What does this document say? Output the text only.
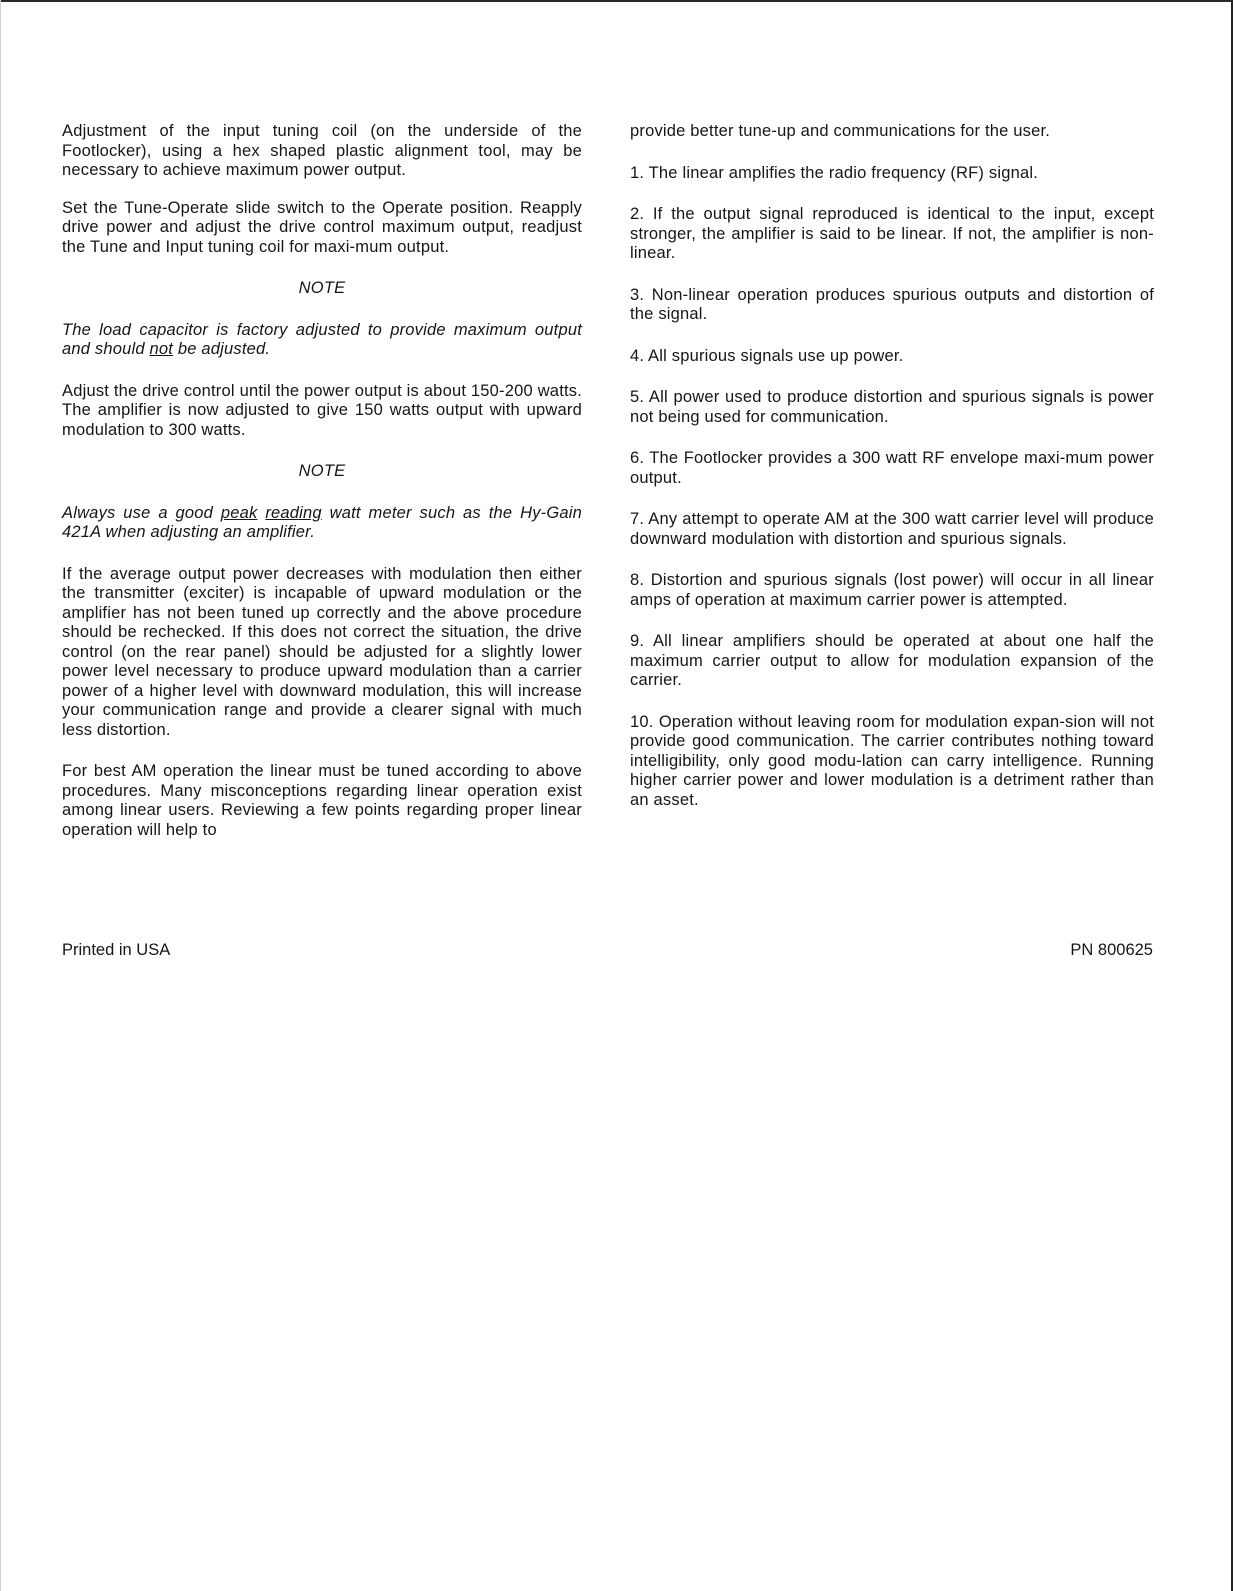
Adjustment of the input tuning coil (on the underside of the Footlocker), using a hex shaped plastic alignment tool, may be necessary to achieve maximum power output.

Set the Tune-Operate slide switch to the Operate position. Reapply drive power and adjust the drive control maximum output, readjust the Tune and Input tuning coil for maxi-mum output.

NOTE

The load capacitor is factory adjusted to provide maximum output and should not be adjusted.

Adjust the drive control until the power output is about 150-200 watts. The amplifier is now adjusted to give 150 watts output with upward modulation to 300 watts.

NOTE

Always use a good peak reading watt meter such as the Hy-Gain 421A when adjusting an amplifier.

If the average output power decreases with modulation then either the transmitter (exciter) is incapable of upward modulation or the amplifier has not been tuned up correctly and the above procedure should be rechecked. If this does not correct the situation, the drive control (on the rear panel) should be adjusted for a slightly lower power level necessary to produce upward modulation than a carrier power of a higher level with downward modulation, this will increase your communication range and provide a clearer signal with much less distortion.

For best AM operation the linear must be tuned according to above procedures. Many misconceptions regarding linear operation exist among linear users. Reviewing a few points regarding proper linear operation will help to

provide better tune-up and communications for the user.

1. The linear amplifies the radio frequency (RF) signal.

2. If the output signal reproduced is identical to the input, except stronger, the amplifier is said to be linear. If not, the amplifier is non-linear.

3. Non-linear operation produces spurious outputs and distortion of the signal.

4. All spurious signals use up power.

5. All power used to produce distortion and spurious signals is power not being used for communication.

6. The Footlocker provides a 300 watt RF envelope maxi-mum power output.

7. Any attempt to operate AM at the 300 watt carrier level will produce downward modulation with distortion and spurious signals.

8. Distortion and spurious signals (lost power) will occur in all linear amps of operation at maximum carrier power is attempted.

9. All linear amplifiers should be operated at about one half the maximum carrier output to allow for modulation expansion of the carrier.

10. Operation without leaving room for modulation expan-sion will not provide good communication. The carrier contributes nothing toward intelligibility, only good modu-lation can carry intelligence. Running higher carrier power and lower modulation is a detriment rather than an asset.

Printed in USA	PN 800625
